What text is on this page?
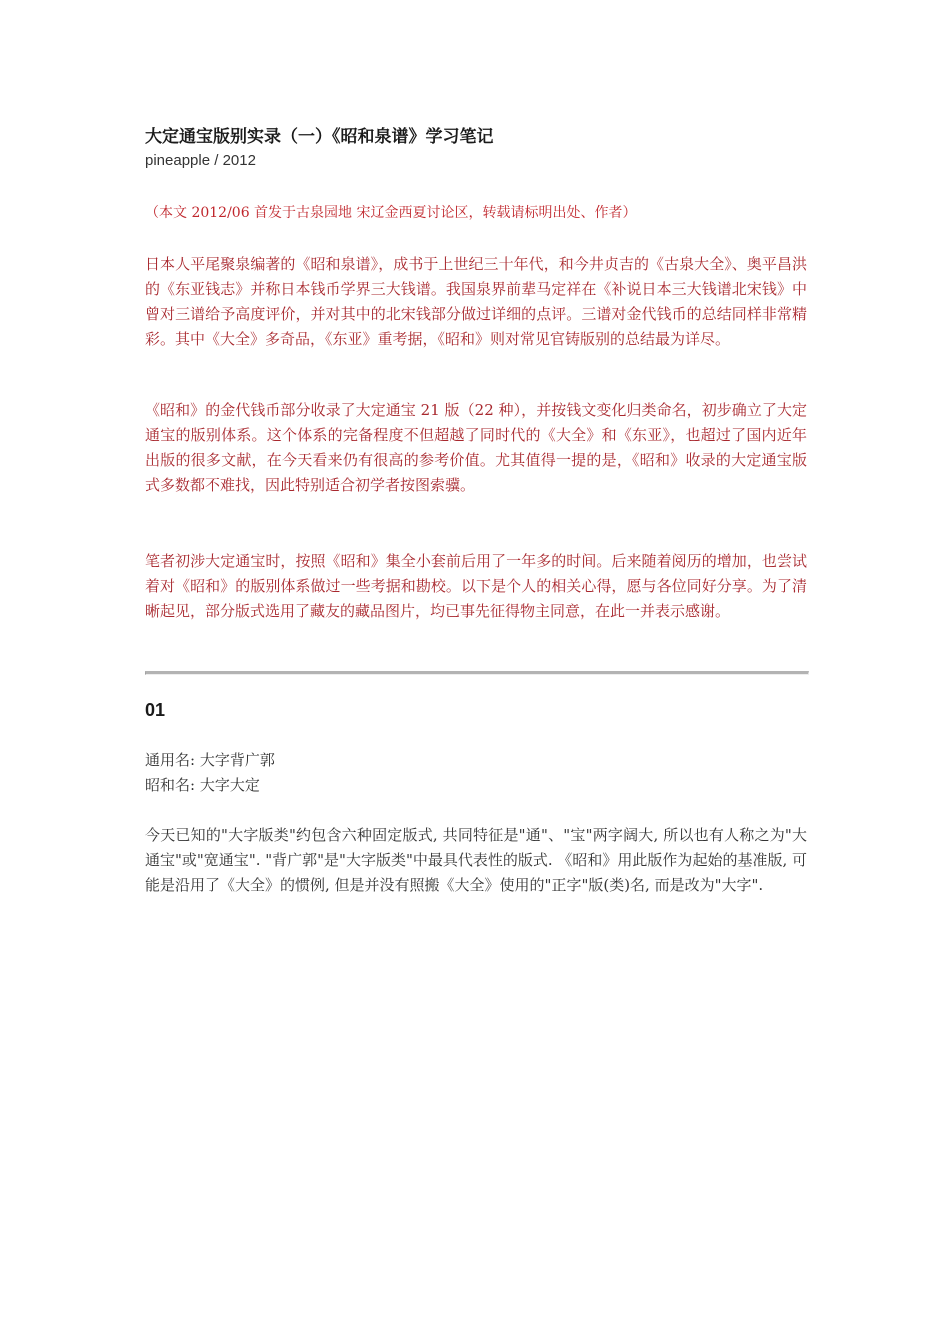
大定通宝版别实录（一）《昭和泉谱》学习笔记

pineapple / 2012

（本文 2012/06 首发于古泉园地 宋辽金西夏讨论区，转载请标明出处、作者）

日本人平尾聚泉编著的《昭和泉谱》，成书于上世纪三十年代，和今井贞吉的《古泉大全》、奥平昌洪的《东亚钱志》并称日本钱币学界三大钱谱。我国泉界前辈马定祥在《补说日本三大钱谱北宋钱》中曾对三谱给予高度评价，并对其中的北宋钱部分做过详细的点评。三谱对金代钱币的总结同样非常精彩。其中《大全》多奇品，《东亚》重考据，《昭和》则对常见官铸版别的总结最为详尽。

《昭和》的金代钱币部分收录了大定通宝 21 版（22 种），并按钱文变化归类命名，初步确立了大定通宝的版别体系。这个体系的完备程度不但超越了同时代的《大全》和《东亚》，也超过了国内近年出版的很多文献，在今天看来仍有很高的参考价值。尤其值得一提的是，《昭和》收录的大定通宝版式多数都不难找，因此特别适合初学者按图索骥。

笔者初涉大定通宝时，按照《昭和》集全小套前后用了一年多的时间。后来随着阅历的增加，也尝试着对《昭和》的版别体系做过一些考据和勘校。以下是个人的相关心得，愿与各位同好分享。为了清晰起见，部分版式选用了藏友的藏品图片，均已事先征得物主同意，在此一并表示感谢。

01
通用名: 大字背广郭
昭和名: 大字大定

今天已知的"大字版类"约包含六种固定版式, 共同特征是"通"、"宝"两字阔大, 所以也有人称之为"大通宝"或"宽通宝". "背广郭"是"大字版类"中最具代表性的版式. 《昭和》用此版作为起始的基准版, 可能是沿用了《大全》的惯例, 但是并没有照搬《大全》使用的"正字"版(类)名, 而是改为"大字".
